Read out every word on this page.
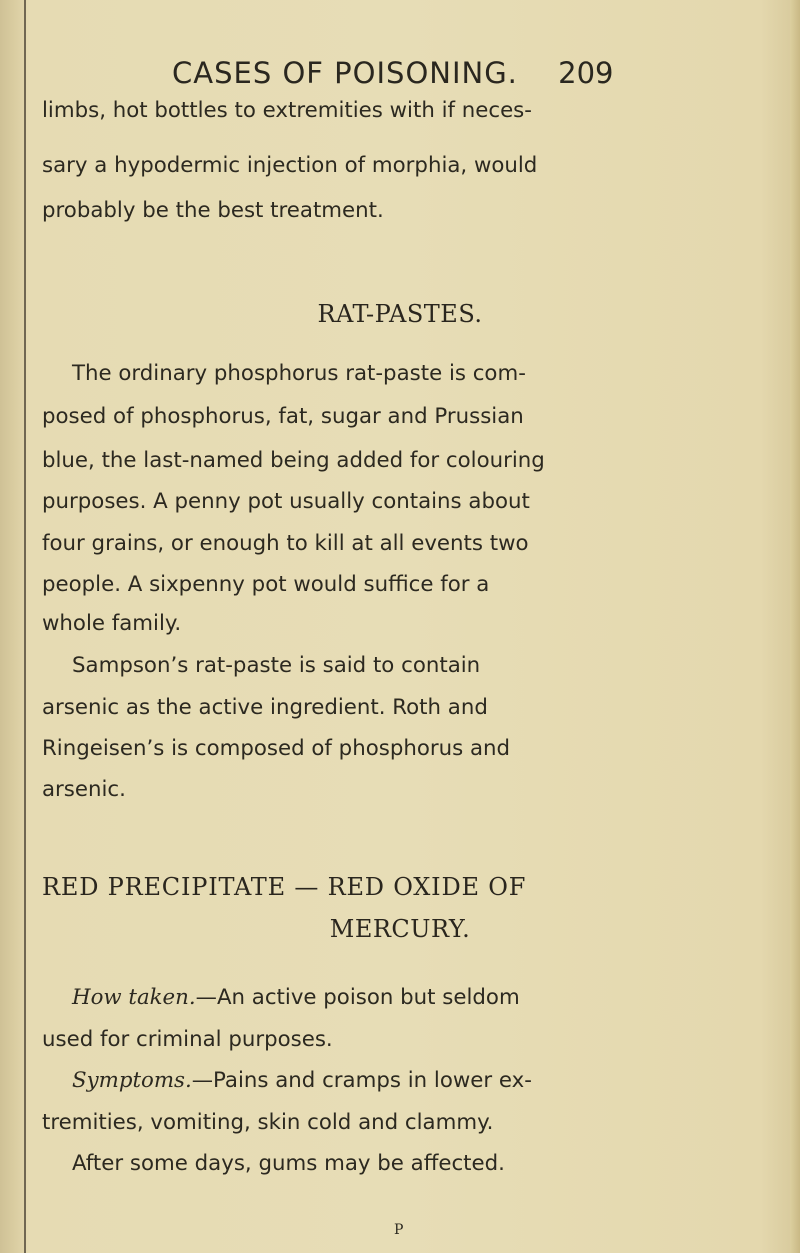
CASES OF POISONING. 209
limbs, hot bottles to extremities with if neces-
sary a hypodermic injection of morphia, would
probably be the best treatment.
RAT-PASTES.
The ordinary phosphorus rat-paste is com-
posed of phosphorus, fat, sugar and Prussian
blue, the last-named being added for colouring
purposes. A penny pot usually contains about
four grains, or enough to kill at all events two
people. A sixpenny pot would suffice for a
whole family.
Sampson’s rat-paste is said to contain
arsenic as the active ingredient. Roth and
Ringeisen’s is composed of phosphorus and
arsenic.
RED PRECIPITATE — RED OXIDE OF
MERCURY.
How taken.—An active poison but seldom
used for criminal purposes.
Symptoms.—Pains and cramps in lower ex-
tremities, vomiting, skin cold and clammy.
After some days, gums may be affected.
P
